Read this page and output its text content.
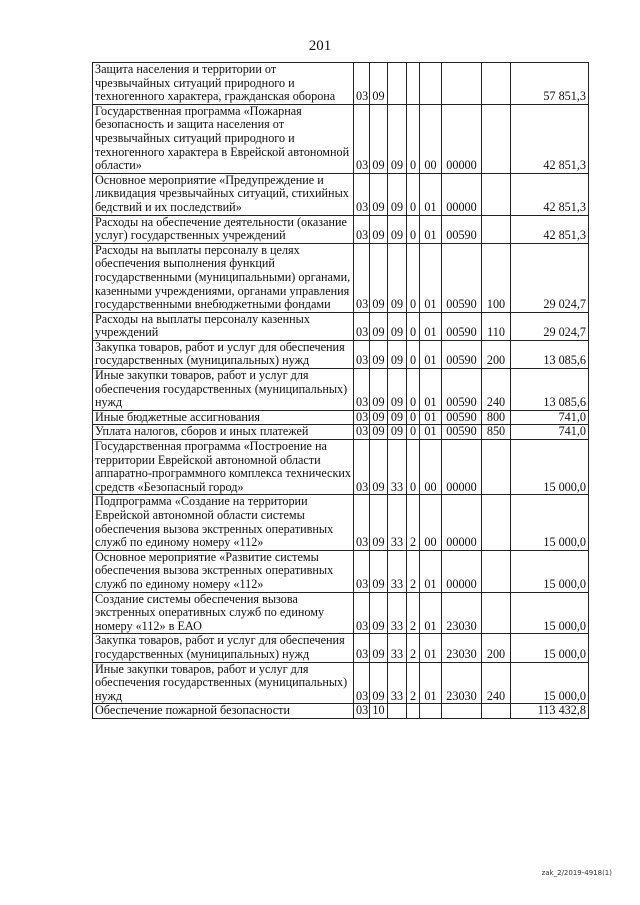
201
Защита населения и территории от чрезвычайных ситуаций природного и техногенного характера, гражданская оборона	03	09						57 851,3
Государственная программа «Пожарная безопасность и защита населения от чрезвычайных ситуаций природного и техногенного характера в Еврейской автономной области»	03	09	09	0	00	00000		42 851,3
Основное мероприятие «Предупреждение и ликвидация чрезвычайных ситуаций, стихийных бедствий и их последствий»	03	09	09	0	01	00000		42 851,3
Расходы на обеспечение деятельности (оказание услуг) государственных учреждений	03	09	09	0	01	00590		42 851,3
Расходы на выплаты персоналу в целях обеспечения выполнения функций государственными (муниципальными) органами, казенными учреждениями, органами управления государственными внебюджетными фондами	03	09	09	0	01	00590	100	29 024,7
Расходы на выплаты персоналу казенных учреждений	03	09	09	0	01	00590	110	29 024,7
Закупка товаров, работ и услуг для обеспечения государственных (муниципальных) нужд	03	09	09	0	01	00590	200	13 085,6
Иные закупки товаров, работ и услуг для обеспечения государственных (муниципальных) нужд	03	09	09	0	01	00590	240	13 085,6
Иные бюджетные ассигнования	03	09	09	0	01	00590	800	741,0
Уплата налогов, сборов и иных платежей	03	09	09	0	01	00590	850	741,0
Государственная программа «Построение на территории Еврейской автономной области аппаратно-программного комплекса технических средств «Безопасный город»	03	09	33	0	00	00000		15 000,0
Подпрограмма «Создание на территории Еврейской автономной области системы обеспечения вызова экстренных оперативных служб по единому номеру «112»	03	09	33	2	00	00000		15 000,0
Основное мероприятие «Развитие системы обеспечения вызова экстренных оперативных служб по единому номеру «112»	03	09	33	2	01	00000		15 000,0
Создание системы обеспечения вызова экстренных оперативных служб по единому номеру «112» в ЕАО	03	09	33	2	01	23030		15 000,0
Закупка товаров, работ и услуг для обеспечения государственных (муниципальных) нужд	03	09	33	2	01	23030	200	15 000,0
Иные закупки товаров, работ и услуг для обеспечения государственных (муниципальных) нужд	03	09	33	2	01	23030	240	15 000,0
Обеспечение пожарной безопасности	03	10						113 432,8
zak_2/2019-4918(1)
